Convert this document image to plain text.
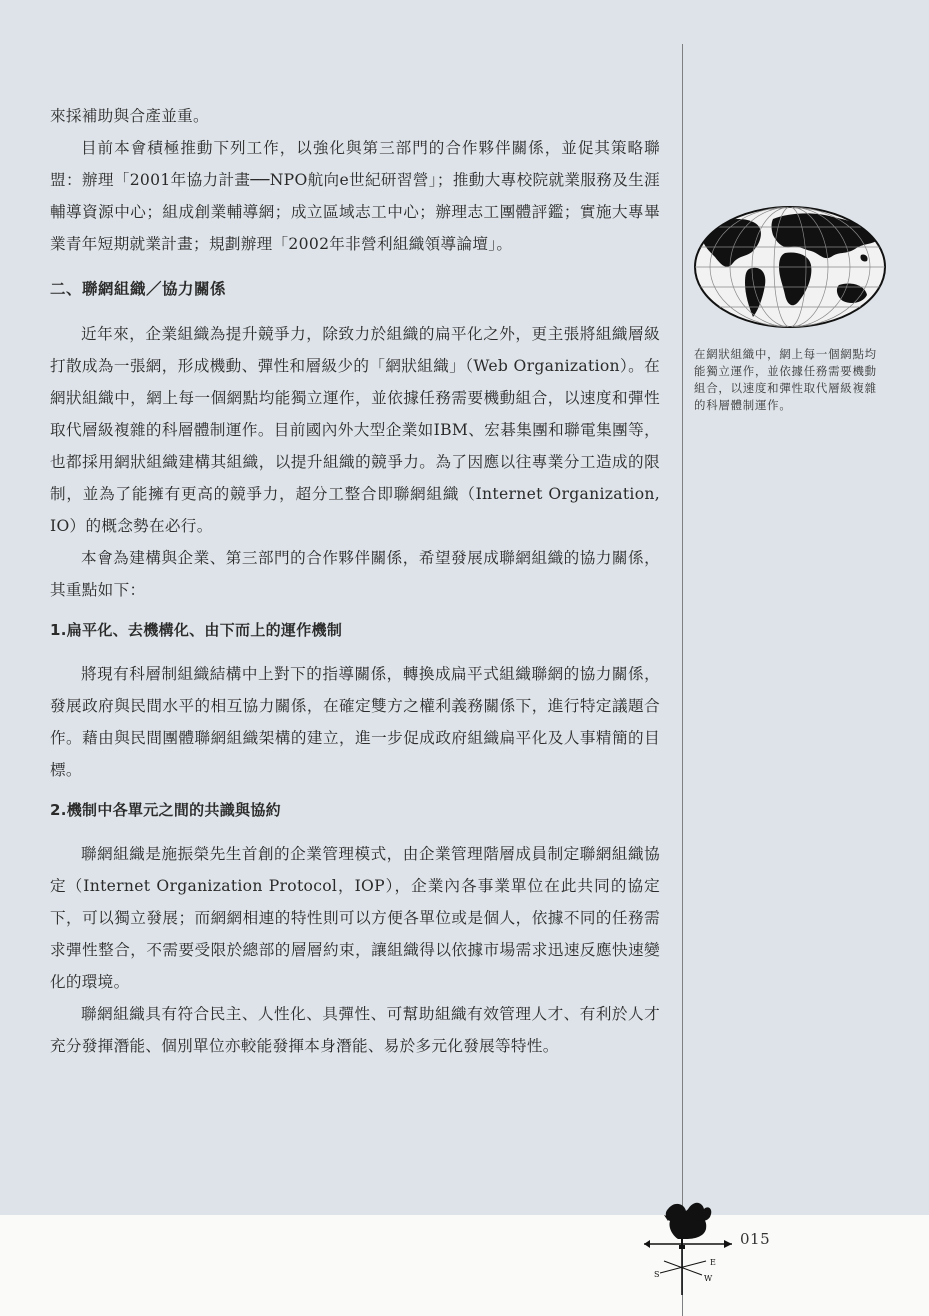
來採補助與合產並重。

目前本會積極推動下列工作，以強化與第三部門的合作夥伴關係，並促其策略聯盟：辦理「2001年協力計畫──NPO航向e世紀研習營」；推動大專校院就業服務及生涯輔導資源中心；組成創業輔導網；成立區域志工中心；辦理志工團體評鑑；實施大專畢業青年短期就業計畫；規劃辦理「2002年非營利組織領導論壇」。

二、聯網組織／協力關係

近年來，企業組織為提升競爭力，除致力於組織的扁平化之外，更主張將組織層級打散成為一張網，形成機動、彈性和層級少的「網狀組織」（Web Organization）。在網狀組織中，網上每一個網點均能獨立運作，並依據任務需要機動組合，以速度和彈性取代層級複雜的科層體制運作。目前國內外大型企業如IBM、宏碁集團和聯電集團等，也都採用網狀組織建構其組織，以提升組織的競爭力。為了因應以往專業分工造成的限制，並為了能擁有更高的競爭力，超分工整合即聯網組織（Internet Organization, IO）的概念勢在必行。

本會為建構與企業、第三部門的合作夥伴關係，希望發展成聯網組織的協力關係，其重點如下：

1.扁平化、去機構化、由下而上的運作機制

將現有科層制組織結構中上對下的指導關係，轉換成扁平式組織聯網的協力關係，發展政府與民間水平的相互協力關係，在確定雙方之權利義務關係下，進行特定議題合作。藉由與民間團體聯網組織架構的建立，進一步促成政府組織扁平化及人事精簡的目標。

2.機制中各單元之間的共識與協約

聯網組織是施振榮先生首創的企業管理模式，由企業管理階層成員制定聯網組織協定（Internet Organization Protocol，IOP），企業內各事業單位在此共同的協定下，可以獨立發展；而網網相連的特性則可以方便各單位或是個人，依據不同的任務需求彈性整合，不需要受限於總部的層層約束，讓組織得以依據市場需求迅速反應快速變化的環境。

聯網組織具有符合民主、人性化、具彈性、可幫助組織有效管理人才、有利於人才充分發揮潛能、個別單位亦較能發揮本身潛能、易於多元化發展等特性。

在網狀組織中，網上每一個網點均能獨立運作，並依據任務需要機動組合，以速度和彈性取代層級複雜的科層體制運作。
S
E
W
015
